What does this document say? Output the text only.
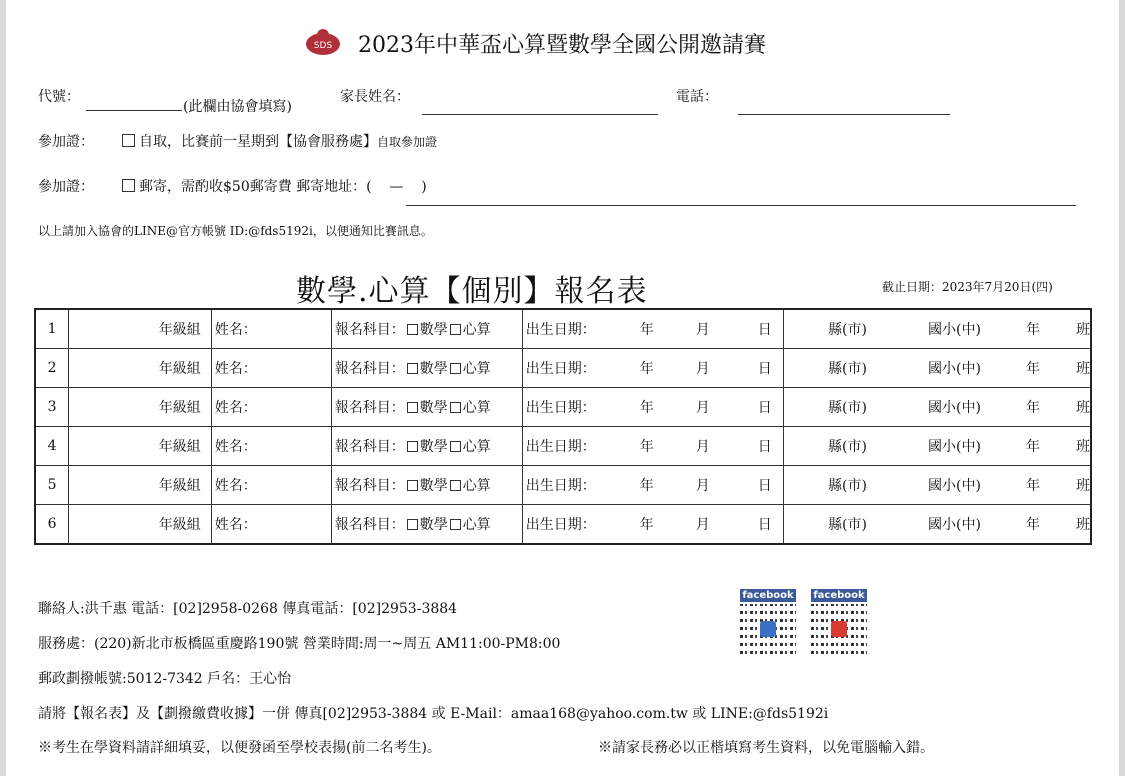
SDS 2023年中華盃心算暨數學全國公開邀請賽
代號：
(此欄由協會填寫)
家長姓名：	電話：
參加證：	自取，比賽前一星期到【協會服務處】自取參加證
參加證：	郵寄，需酌收$50郵寄費 郵寄地址：(    —    )
以上請加入協會的LINE@官方帳號 ID:@fds5192i，以便通知比賽訊息。
數學.心算【個別】報名表	截止日期：2023年7月20日(四)
1	年級組	姓名：	報名科目： 數學 心算	出生日期： 年 月 日	縣(市) 國小(中) 年 班
2	年級組	姓名：	報名科目： 數學 心算	出生日期： 年 月 日	縣(市) 國小(中) 年 班
3	年級組	姓名：	報名科目： 數學 心算	出生日期： 年 月 日	縣(市) 國小(中) 年 班
4	年級組	姓名：	報名科目： 數學 心算	出生日期： 年 月 日	縣(市) 國小(中) 年 班
5	年級組	姓名：	報名科目： 數學 心算	出生日期： 年 月 日	縣(市) 國小(中) 年 班
6	年級組	姓名：	報名科目： 數學 心算	出生日期： 年 月 日	縣(市) 國小(中) 年 班
聯絡人:洪千惠 電話：[02]2958-0268 傳真電話：[02]2953-3884
服務處：(220)新北市板橋區重慶路190號 營業時間:周一~周五 AM11:00-PM8:00
郵政劃撥帳號:5012-7342 戶名：王心怡
請將【報名表】及【劃撥繳費收據】一併 傳真[02]2953-3884 或 E-Mail：amaa168@yahoo.com.tw 或 LINE:@fds5192i
※考生在學資料請詳細填妥，以便發函至學校表揚(前二名考生)。	※請家長務必以正楷填寫考生資料，以免電腦輸入錯。
facebook facebook
